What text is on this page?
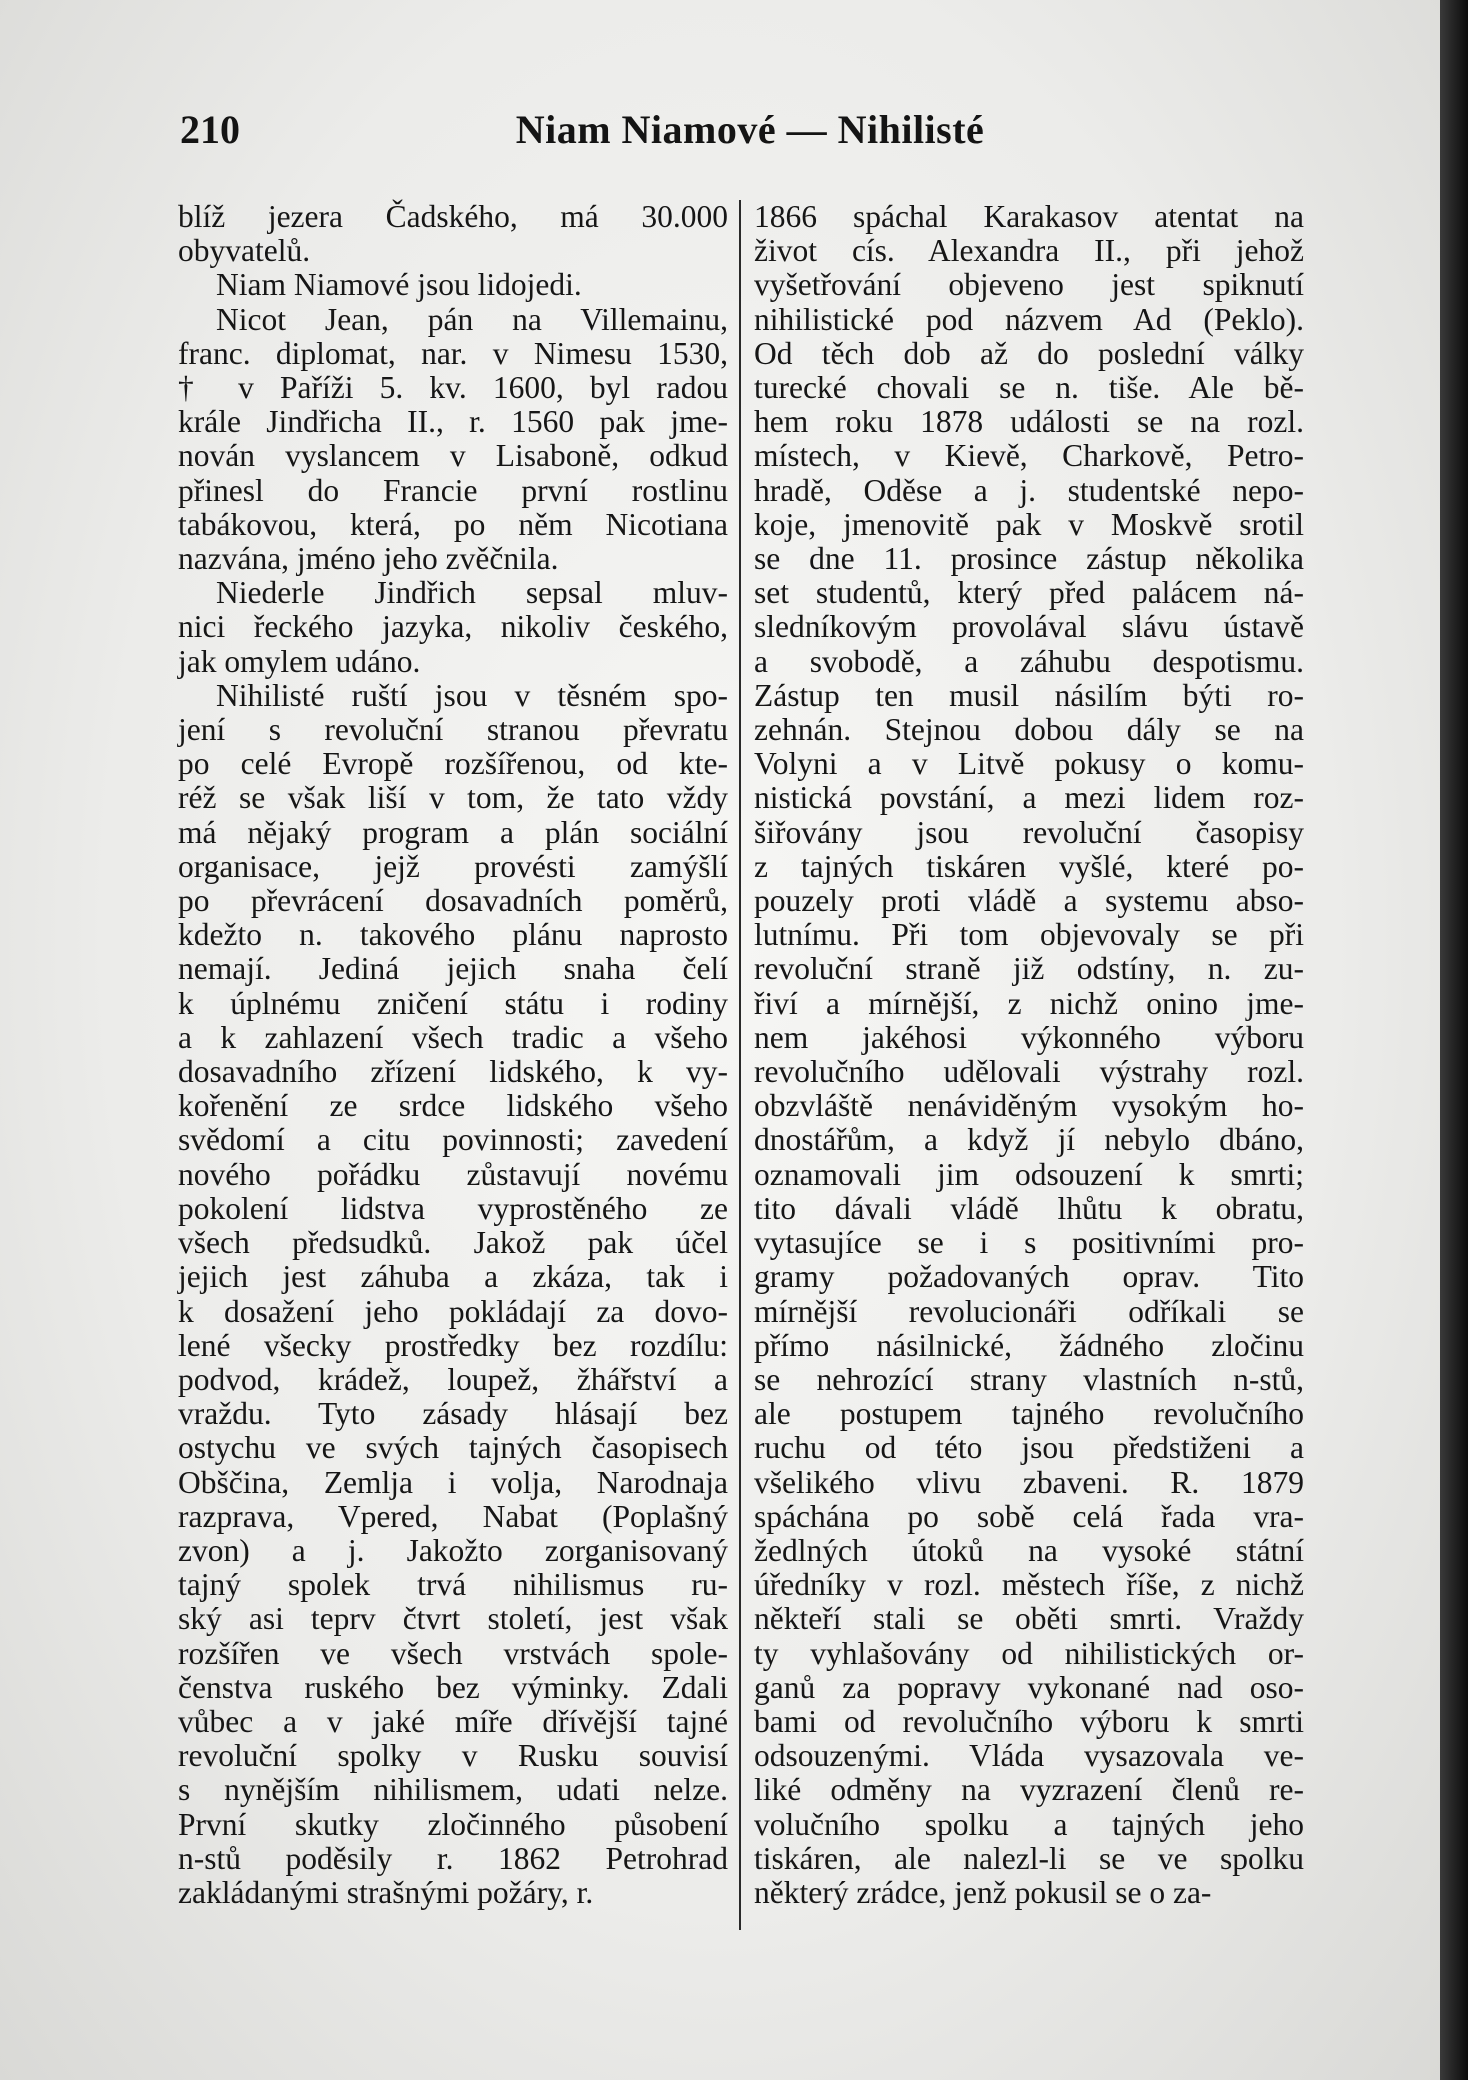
210	Niam Niamové — Nihilisté
blíž jezera Čadského, má 30.000
obyvatelů.
Niam Niamové jsou lidojedi.
Nicot Jean, pán na Villemainu,
franc. diplomat, nar. v Nimesu 1530,
† v Paříži 5. kv. 1600, byl radou
krále Jindřicha II., r. 1560 pak jme-
nován vyslancem v Lisaboně, odkud
přinesl do Francie první rostlinu
tabákovou, která, po něm Nicotiana
nazvána, jméno jeho zvěčnila.
Niederle Jindřich sepsal mluv-
nici řeckého jazyka, nikoliv českého,
jak omylem udáno.
Nihilisté ruští jsou v těsném spo-
jení s revoluční stranou převratu
po celé Evropě rozšířenou, od kte-
réž se však liší v tom, že tato vždy
má nějaký program a plán sociální
organisace, jejž provésti zamýšlí
po převrácení dosavadních poměrů,
kdežto n. takového plánu naprosto
nemají. Jediná jejich snaha čelí
k úplnému zničení státu i rodiny
a k zahlazení všech tradic a všeho
dosavadního zřízení lidského, k vy-
kořenění ze srdce lidského všeho
svědomí a citu povinnosti; zavedení
nového pořádku zůstavují novému
pokolení lidstva vyprostěného ze
všech předsudků. Jakož pak účel
jejich jest záhuba a zkáza, tak i
k dosažení jeho pokládají za dovo-
lené všecky prostředky bez rozdílu:
podvod, krádež, loupež, žhářství a
vraždu. Tyto zásady hlásají bez
ostychu ve svých tajných časopisech
Obščina, Zemlja i volja, Narodnaja
razprava, Vpered, Nabat (Poplašný
zvon) a j. Jakožto zorganisovaný
tajný spolek trvá nihilismus ru-
ský asi teprv čtvrt století, jest však
rozšířen ve všech vrstvách spole-
čenstva ruského bez výminky. Zdali
vůbec a v jaké míře dřívější tajné
revoluční spolky v Rusku souvisí
s nynějším nihilismem, udati nelze.
První skutky zločinného působení
n-stů poděsily r. 1862 Petrohrad
zakládanými strašnými požáry, r.
1866 spáchal Karakasov atentat na
život cís. Alexandra II., při jehož
vyšetřování objeveno jest spiknutí
nihilistické pod názvem Ad (Peklo).
Od těch dob až do poslední války
turecké chovali se n. tiše. Ale bě-
hem roku 1878 události se na rozl.
místech, v Kievě, Charkově, Petro-
hradě, Oděse a j. studentské nepo-
koje, jmenovitě pak v Moskvě srotil
se dne 11. prosince zástup několika
set studentů, který před palácem ná-
sledníkovým provolával slávu ústavě
a svobodě, a záhubu despotismu.
Zástup ten musil násilím býti ro-
zehnán. Stejnou dobou dály se na
Volyni a v Litvě pokusy o komu-
nistická povstání, a mezi lidem roz-
šiřovány jsou revoluční časopisy
z tajných tiskáren vyšlé, které po-
pouzely proti vládě a systemu abso-
lutnímu. Při tom objevovaly se při
revoluční straně již odstíny, n. zu-
řiví a mírnější, z nichž onino jme-
nem jakéhosi výkonného výboru
revolučního udělovali výstrahy rozl.
obzvláště nenáviděným vysokým ho-
dnostářům, a když jí nebylo dbáno,
oznamovali jim odsouzení k smrti;
tito dávali vládě lhůtu k obratu,
vytasujíce se i s positivními pro-
gramy požadovaných oprav. Tito
mírnější revolucionáři odříkali se
přímo násilnické, žádného zločinu
se nehrozící strany vlastních n-stů,
ale postupem tajného revolučního
ruchu od této jsou předstiženi a
všelikého vlivu zbaveni. R. 1879
spáchána po sobě celá řada vra-
žedlných útoků na vysoké státní
úředníky v rozl. městech říše, z nichž
někteří stali se oběti smrti. Vraždy
ty vyhlašovány od nihilistických or-
ganů za popravy vykonané nad oso-
bami od revolučního výboru k smrti
odsouzenými. Vláda vysazovala ve-
liké odměny na vyzrazení členů re-
volučního spolku a tajných jeho
tiskáren, ale nalezl-li se ve spolku
některý zrádce, jenž pokusil se o za-
